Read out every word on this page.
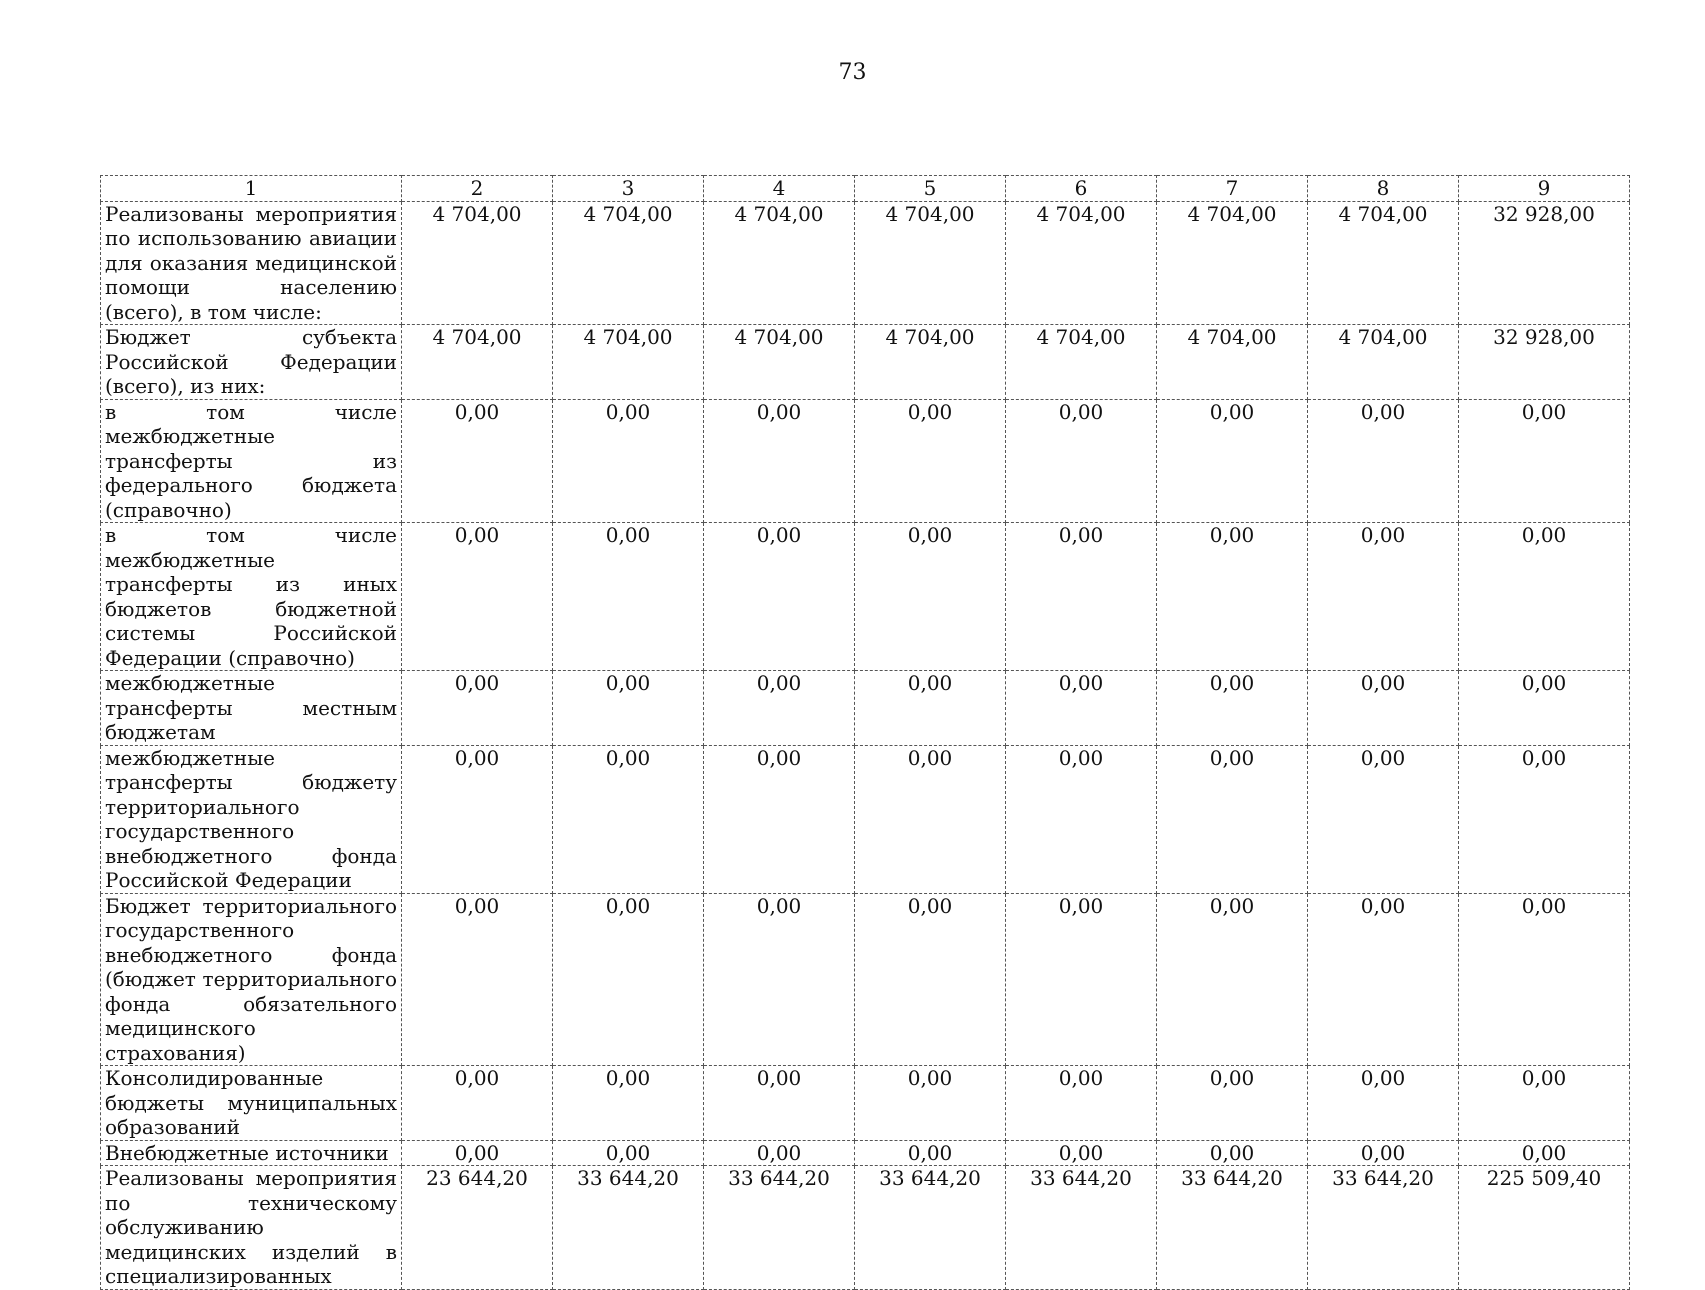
73
1	2	3	4	5	6	7	8	9
Реализованы мероприятия по использованию авиации для оказания медицинской помощи населению (всего), в том числе:	4 704,00	4 704,00	4 704,00	4 704,00	4 704,00	4 704,00	4 704,00	32 928,00
Бюджет субъекта Российской Федерации (всего), из них:	4 704,00	4 704,00	4 704,00	4 704,00	4 704,00	4 704,00	4 704,00	32 928,00
в том числе межбюджетные трансферты из федерального бюджета (справочно)	0,00	0,00	0,00	0,00	0,00	0,00	0,00	0,00
в том числе межбюджетные трансферты из иных бюджетов бюджетной системы Российской Федерации (справочно)	0,00	0,00	0,00	0,00	0,00	0,00	0,00	0,00
межбюджетные трансферты местным бюджетам	0,00	0,00	0,00	0,00	0,00	0,00	0,00	0,00
межбюджетные трансферты бюджету территориального государственного внебюджетного фонда Российской Федерации	0,00	0,00	0,00	0,00	0,00	0,00	0,00	0,00
Бюджет территориального государственного внебюджетного фонда (бюджет территориального фонда обязательного медицинского страхования)	0,00	0,00	0,00	0,00	0,00	0,00	0,00	0,00
Консолидированные бюджеты муниципальных образований	0,00	0,00	0,00	0,00	0,00	0,00	0,00	0,00
Внебюджетные источники	0,00	0,00	0,00	0,00	0,00	0,00	0,00	0,00
Реализованы мероприятия по техническому обслуживанию медицинских изделий в специализированных	23 644,20	33 644,20	33 644,20	33 644,20	33 644,20	33 644,20	33 644,20	225 509,40
